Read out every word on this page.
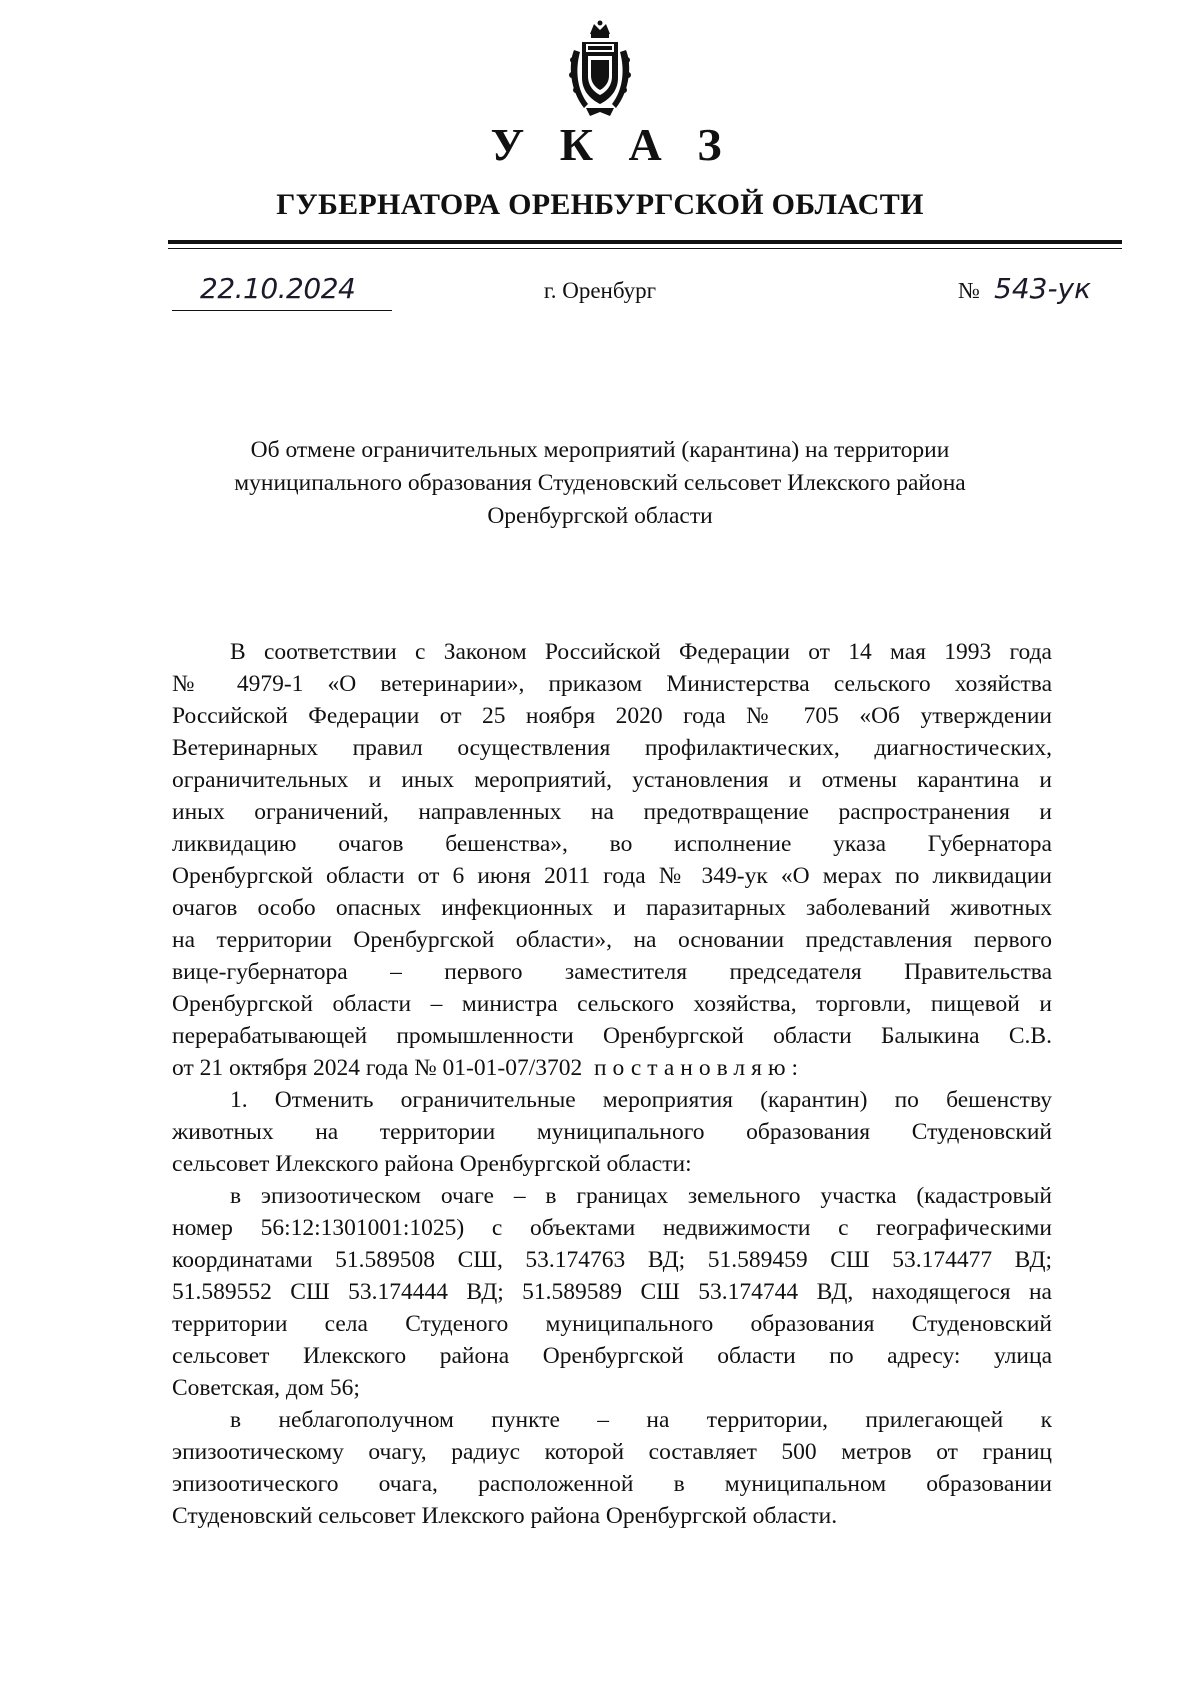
У К А З
ГУБЕРНАТОРА ОРЕНБУРГСКОЙ ОБЛАСТИ
22.10.2024	г. Оренбург	№ 543-ук
Об отмене ограничительных мероприятий (карантина) на территории
муниципального образования Студеновский сельсовет Илекского района
Оренбургской области
В соответствии с Законом Российской Федерации от 14 мая 1993 года
№ 4979-1 «О ветеринарии», приказом Министерства сельского хозяйства
Российской Федерации от 25 ноября 2020 года № 705 «Об утверждении
Ветеринарных правил осуществления профилактических, диагностических,
ограничительных и иных мероприятий, установления и отмены карантина и
иных ограничений, направленных на предотвращение распространения и
ликвидацию очагов бешенства», во исполнение указа Губернатора
Оренбургской области от 6 июня 2011 года № 349-ук «О мерах по ликвидации
очагов особо опасных инфекционных и паразитарных заболеваний животных
на территории Оренбургской области», на основании представления первого
вице-губернатора – первого заместителя председателя Правительства
Оренбургской области – министра сельского хозяйства, торговли, пищевой и
перерабатывающей промышленности Оренбургской области Балыкина С.В.
от 21 октября 2024 года № 01-01-07/3702 постановляю:
1. Отменить ограничительные мероприятия (карантин) по бешенству
животных на территории муниципального образования Студеновский
сельсовет Илекского района Оренбургской области:
в эпизоотическом очаге – в границах земельного участка (кадастровый
номер 56:12:1301001:1025) с объектами недвижимости с географическими
координатами 51.589508 СШ, 53.174763 ВД; 51.589459 СШ 53.174477 ВД;
51.589552 СШ 53.174444 ВД; 51.589589 СШ 53.174744 ВД, находящегося на
территории села Студеного муниципального образования Студеновский
сельсовет Илекского района Оренбургской области по адресу: улица
Советская, дом 56;
в неблагополучном пункте – на территории, прилегающей к
эпизоотическому очагу, радиус которой составляет 500 метров от границ
эпизоотического очага, расположенной в муниципальном образовании
Студеновский сельсовет Илекского района Оренбургской области.
